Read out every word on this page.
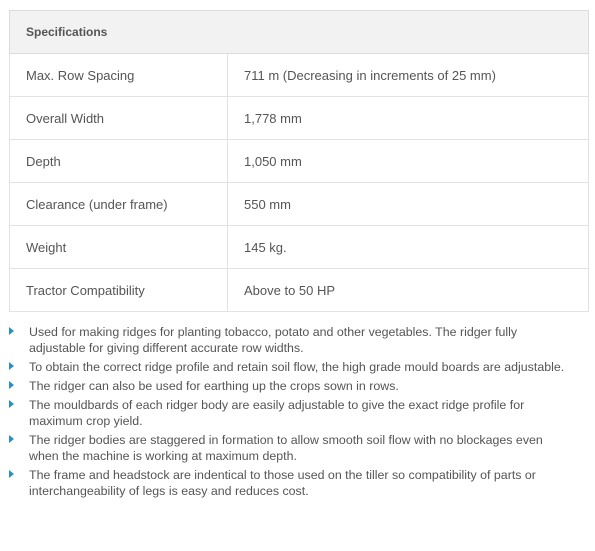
Specifications	
Max. Row Spacing	711 m (Decreasing in increments of 25 mm)
Overall Width	1,778 mm
Depth	1,050 mm
Clearance (under frame)	550 mm
Weight	145 kg.
Tractor Compatibility	Above to 50 HP
Used for making ridges for planting tobacco, potato and other vegetables. The ridger fully adjustable for giving different accurate row widths.
To obtain the correct ridge profile and retain soil flow, the high grade mould boards are adjustable.
The ridger can also be used for earthing up the crops sown in rows.
The mouldbards of each ridger body are easily adjustable to give the exact ridge profile for maximum crop yield.
The ridger bodies are staggered in formation to allow smooth soil flow with no blockages even when the machine is working at maximum depth.
The frame and headstock are indentical to those used on the tiller so compatibility of parts or interchangeability of legs is easy and reduces cost.
